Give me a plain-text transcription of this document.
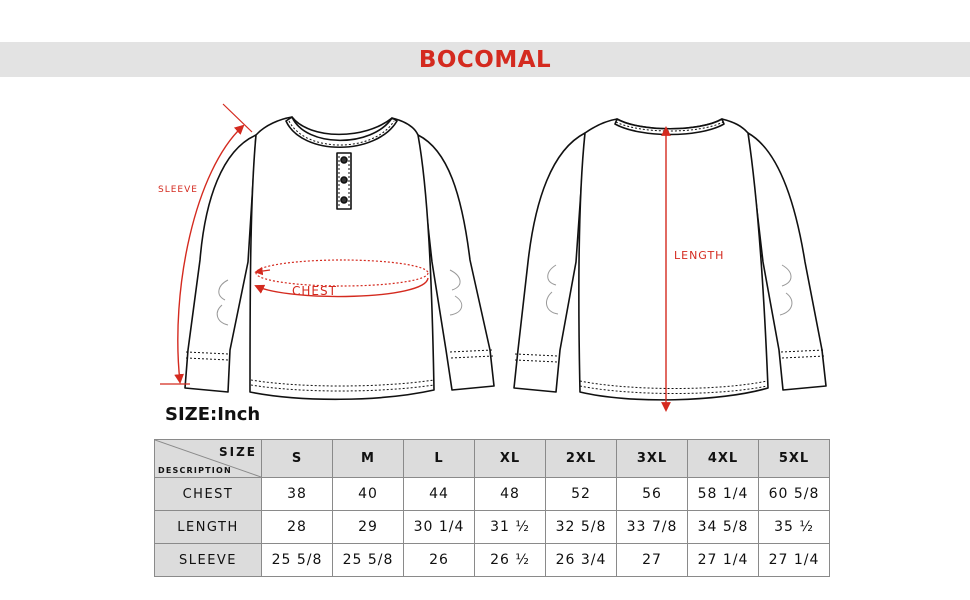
BOCOMAL
SLEEVE
CHEST
LENGTH
SIZE:Inch
SIZE
DESCRIPTION	S	M	L	XL	2XL	3XL	4XL	5XL
CHEST	38	40	44	48	52	56	58 1/4	60 5/8
LENGTH	28	29	30 1/4	31 ½	32 5/8	33 7/8	34 5/8	35 ½
SLEEVE	25 5/8	25 5/8	26	26 ½	26 3/4	27	27 1/4	27 1/4
